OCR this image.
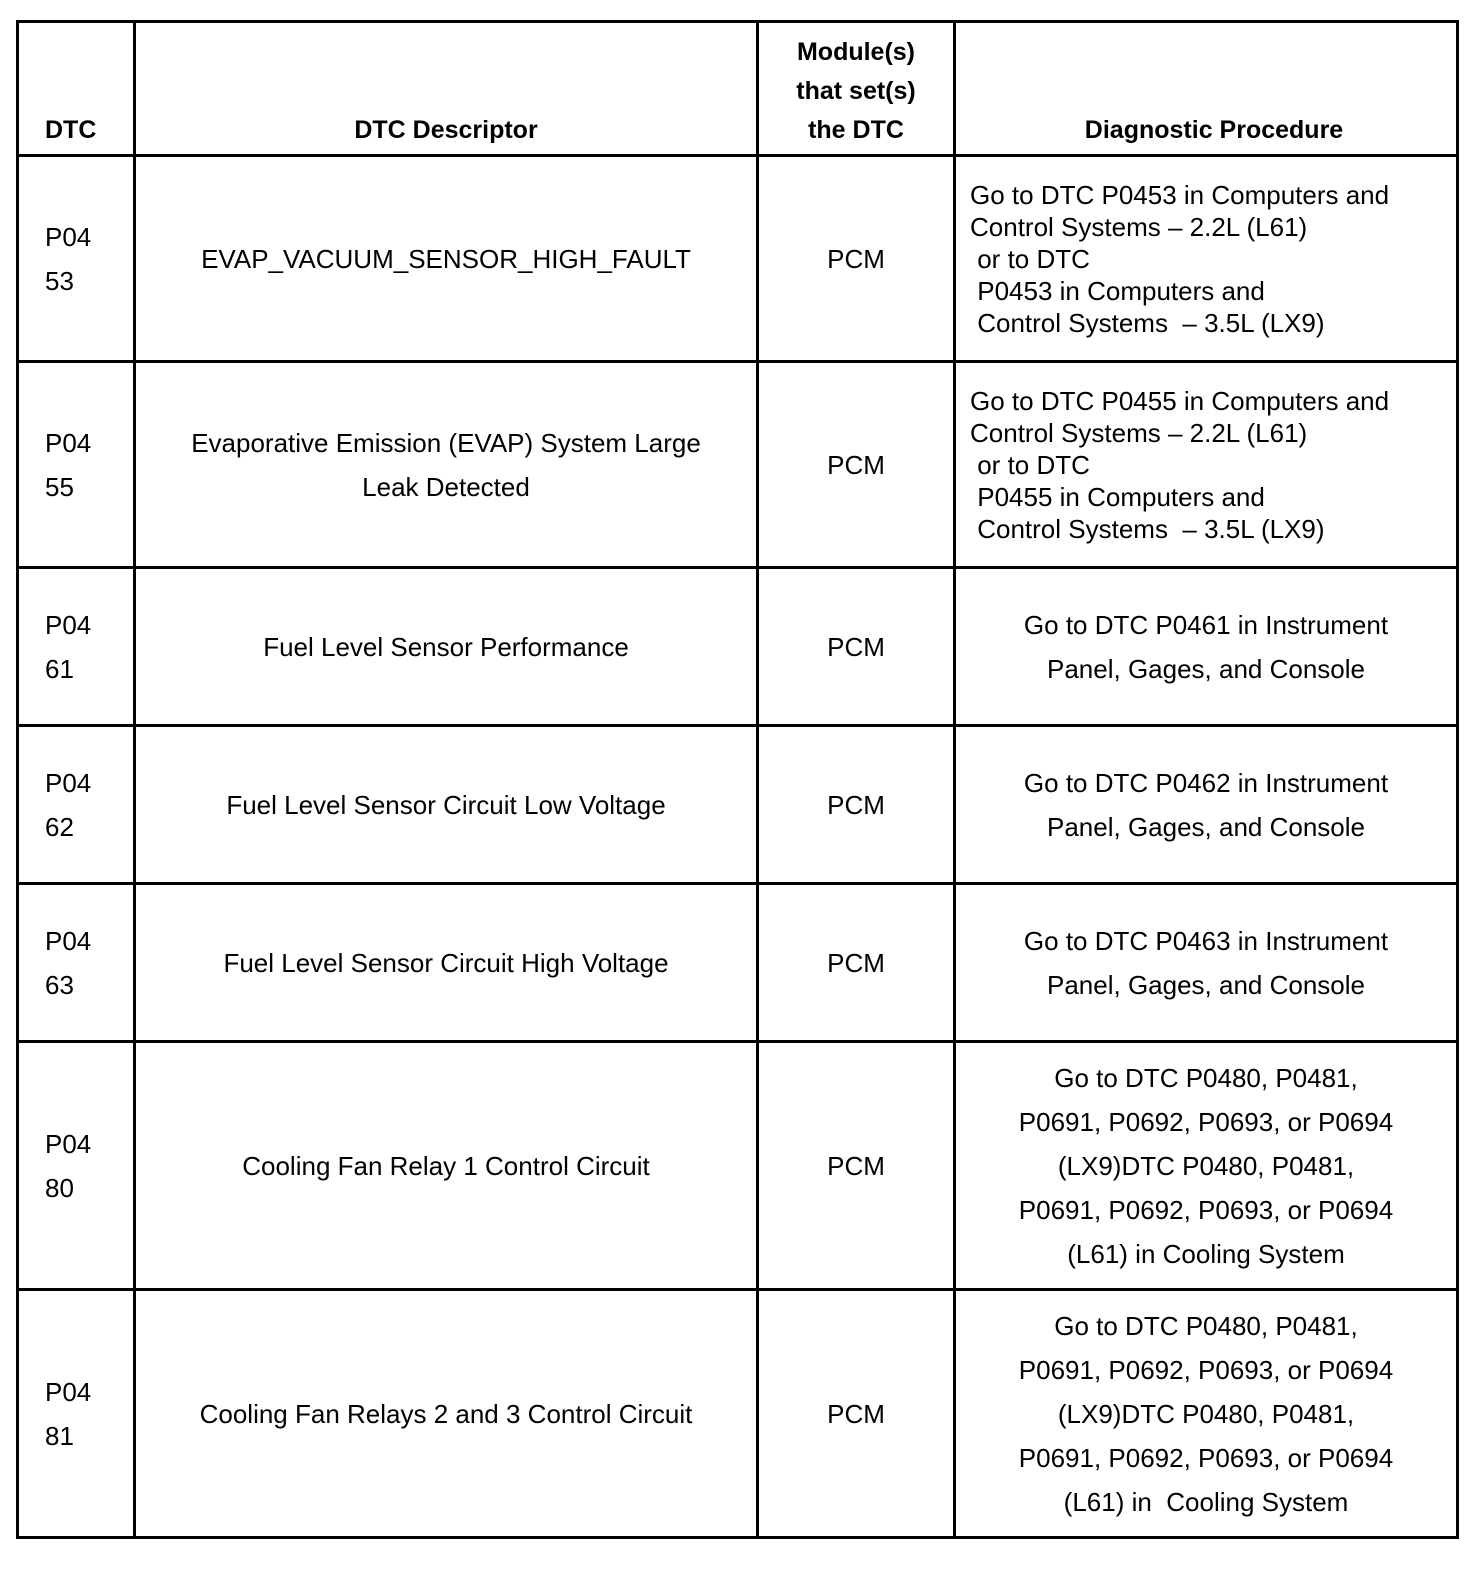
DTC	DTC Descriptor	Module(s)
that set(s)
the DTC	Diagnostic Procedure

P04
53	EVAP_VACUUM_SENSOR_HIGH_FAULT	PCM	Go to DTC P0453 in Computers and
Control Systems – 2.2L (L61)
or to DTC
P0453 in Computers and
Control Systems  – 3.5L (LX9)

P04
55	Evaporative Emission (EVAP) System Large Leak Detected	PCM	Go to DTC P0455 in Computers and
Control Systems – 2.2L (L61)
or to DTC
P0455 in Computers and
Control Systems  – 3.5L (LX9)

P04
61	Fuel Level Sensor Performance	PCM	Go to DTC P0461 in Instrument
Panel, Gages, and Console

P04
62	Fuel Level Sensor Circuit Low Voltage	PCM	Go to DTC P0462 in Instrument
Panel, Gages, and Console

P04
63	Fuel Level Sensor Circuit High Voltage	PCM	Go to DTC P0463 in Instrument
Panel, Gages, and Console

P04
80	Cooling Fan Relay 1 Control Circuit	PCM	Go to DTC P0480, P0481,
P0691, P0692, P0693, or P0694
(LX9)DTC P0480, P0481,
P0691, P0692, P0693, or P0694
(L61) in Cooling System

P04
81	Cooling Fan Relays 2 and 3 Control Circuit	PCM	Go to DTC P0480, P0481,
P0691, P0692, P0693, or P0694
(LX9)DTC P0480, P0481,
P0691, P0692, P0693, or P0694
(L61) in  Cooling System
